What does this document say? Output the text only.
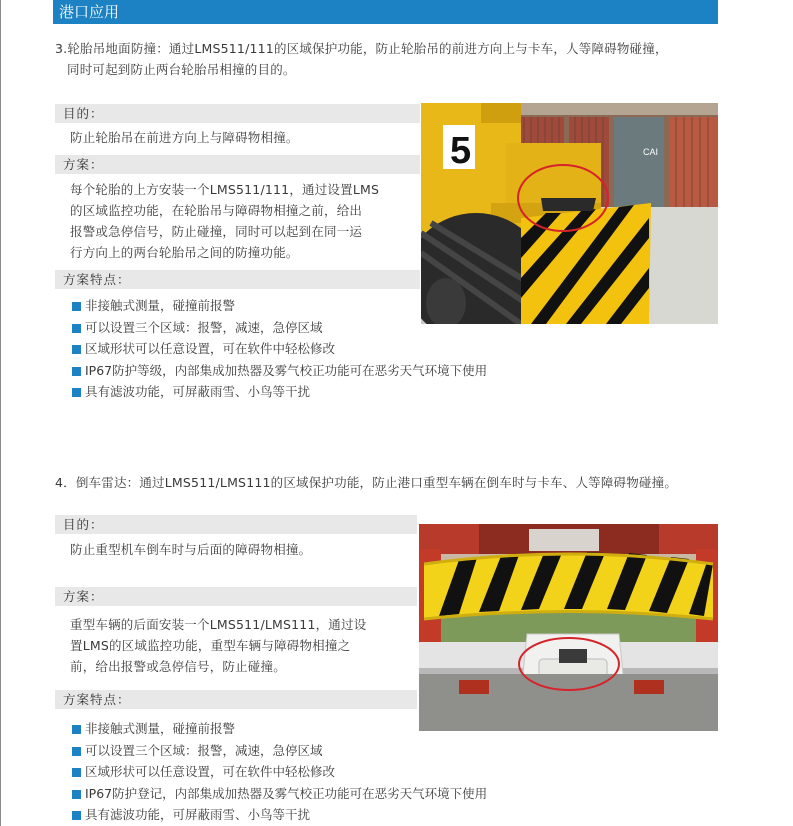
港口应用
3.轮胎吊地面防撞：通过LMS511/111的区域保护功能，防止轮胎吊的前进方向上与卡车，人等障碍物碰撞，
同时可起到防止两台轮胎吊相撞的目的。
目的：
防止轮胎吊在前进方向上与障碍物相撞。
方案：
每个轮胎的上方安装一个LMS511/111，通过设置LMS
的区域监控功能，在轮胎吊与障碍物相撞之前，给出
报警或急停信号，防止碰撞，同时可以起到在同一运
行方向上的两台轮胎吊之间的防撞功能。
方案特点：
非接触式测量，碰撞前报警
可以设置三个区域：报警，减速，急停区域
区域形状可以任意设置，可在软件中轻松修改
IP67防护等级，内部集成加热器及雾气校正功能可在恶劣天气环境下使用
具有滤波功能，可屏蔽雨雪、小鸟等干扰
CAI
5
4．倒车雷达：通过LMS511/LMS111的区域保护功能，防止港口重型车辆在倒车时与卡车、人等障碍物碰撞。
目的：
防止重型机车倒车时与后面的障碍物相撞。
方案：
重型车辆的后面安装一个LMS511/LMS111，通过设
置LMS的区域监控功能，重型车辆与障碍物相撞之
前，给出报警或急停信号，防止碰撞。
方案特点：
非接触式测量，碰撞前报警
可以设置三个区域：报警，减速，急停区域
区域形状可以任意设置，可在软件中轻松修改
IP67防护登记，内部集成加热器及雾气校正功能可在恶劣天气环境下使用
具有滤波功能，可屏蔽雨雪、小鸟等干扰
